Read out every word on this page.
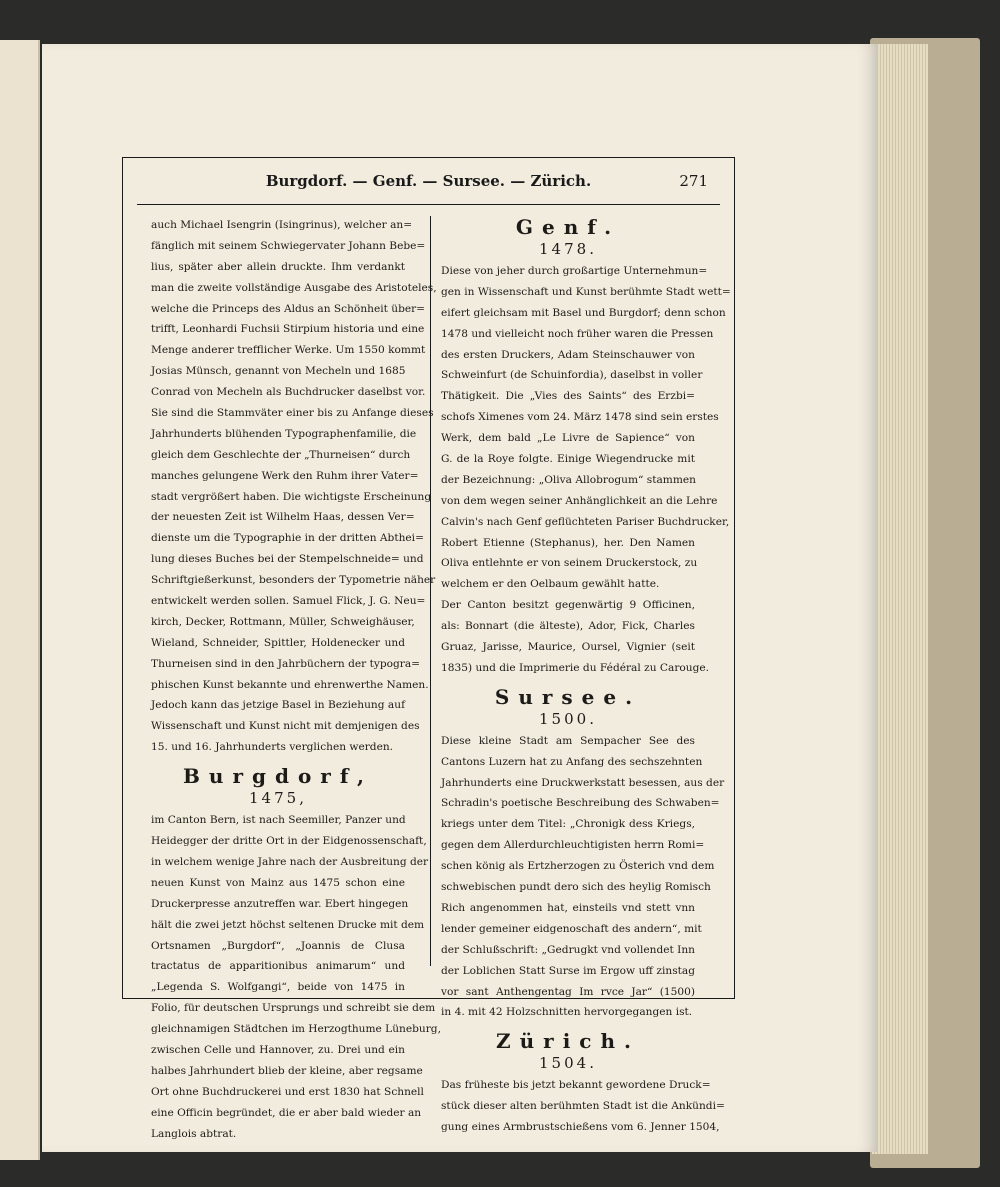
Burgdorf. — Genf. — Sursee. — Zürich.	271
auch Michael Isengrin (Isingrinus), welcher an=
fänglich mit seinem Schwiegervater Johann Bebe=
lius, später aber allein druckte. Ihm verdankt
man die zweite vollständige Ausgabe des Aristoteles,
welche die Princeps des Aldus an Schönheit über=
trifft, Leonhardi Fuchsii Stirpium historia und eine
Menge anderer trefflicher Werke. Um 1550 kommt
Josias Münsch, genannt von Mecheln und 1685
Conrad von Mecheln als Buchdrucker daselbst vor.
Sie sind die Stammväter einer bis zu Anfange dieses
Jahrhunderts blühenden Typographenfamilie, die
gleich dem Geschlechte der „Thurneisen“ durch
manches gelungene Werk den Ruhm ihrer Vater=
stadt vergrößert haben. Die wichtigste Erscheinung
der neuesten Zeit ist Wilhelm Haas, dessen Ver=
dienste um die Typographie in der dritten Abthei=
lung dieses Buches bei der Stempelschneide= und
Schriftgießerkunst, besonders der Typometrie näher
entwickelt werden sollen. Samuel Flick, J. G. Neu=
kirch, Decker, Rottmann, Müller, Schweighäuser,
Wieland, Schneider, Spittler, Holdenecker und
Thurneisen sind in den Jahrbüchern der typogra=
phischen Kunst bekannte und ehrenwerthe Namen.
Jedoch kann das jetzige Basel in Beziehung auf
Wissenschaft und Kunst nicht mit demjenigen des
15. und 16. Jahrhunderts verglichen werden.
Burgdorf,
1475,
im Canton Bern, ist nach Seemiller, Panzer und
Heidegger der dritte Ort in der Eidgenossenschaft,
in welchem wenige Jahre nach der Ausbreitung der
neuen Kunst von Mainz aus 1475 schon eine
Druckerpresse anzutreffen war. Ebert hingegen
hält die zwei jetzt höchst seltenen Drucke mit dem
Ortsnamen „Burgdorf“, „Joannis de Clusa
tractatus de apparitionibus animarum“ und
„Legenda S. Wolfgangi“, beide von 1475 in
Folio, für deutschen Ursprungs und schreibt sie dem
gleichnamigen Städtchen im Herzogthume Lüneburg,
zwischen Celle und Hannover, zu. Drei und ein
halbes Jahrhundert blieb der kleine, aber regsame
Ort ohne Buchdruckerei und erst 1830 hat Schnell
eine Officin begründet, die er aber bald wieder an
Langlois abtrat.
Genf.
1478.
Diese von jeher durch großartige Unternehmun=
gen in Wissenschaft und Kunst berühmte Stadt wett=
eifert gleichsam mit Basel und Burgdorf; denn schon
1478 und vielleicht noch früher waren die Pressen
des ersten Druckers, Adam Steinschauwer von
Schweinfurt (de Schuinfordia), daselbst in voller
Thätigkeit. Die „Vies des Saints“ des Erzbi=
schofs Ximenes vom 24. März 1478 sind sein erstes
Werk, dem bald „Le Livre de Sapience“ von
G. de la Roye folgte. Einige Wiegendrucke mit
der Bezeichnung: „Oliva Allobrogum“ stammen
von dem wegen seiner Anhänglichkeit an die Lehre
Calvin's nach Genf geflüchteten Pariser Buchdrucker,
Robert Etienne (Stephanus), her. Den Namen
Oliva entlehnte er von seinem Druckerstock, zu
welchem er den Oelbaum gewählt hatte.
Der Canton besitzt gegenwärtig 9 Officinen,
als: Bonnart (die älteste), Ador, Fick, Charles
Gruaz, Jarisse, Maurice, Oursel, Vignier (seit
1835) und die Imprimerie du Fédéral zu Carouge.
Sursee.
1500.
Diese kleine Stadt am Sempacher See des
Cantons Luzern hat zu Anfang des sechszehnten
Jahrhunderts eine Druckwerkstatt besessen, aus der
Schradin's poetische Beschreibung des Schwaben=
kriegs unter dem Titel: „Chronigk dess Kriegs,
gegen dem Allerdurchleuchtigisten herrn Romi=
schen könig als Ertzherzogen zu Österich vnd dem
schwebischen pundt dero sich des heylig Romisch
Rich angenommen hat, einsteils vnd stett vnn
lender gemeiner eidgenoschaft des andern“, mit
der Schlußschrift: „Gedrugkt vnd vollendet Inn
der Loblichen Statt Surse im Ergow uff zinstag
vor sant Anthengentag Im rvce Jar“ (1500)
in 4. mit 42 Holzschnitten hervorgegangen ist.
Zürich.
1504.
Das früheste bis jetzt bekannt gewordene Druck=
stück dieser alten berühmten Stadt ist die Ankündi=
gung eines Armbrustschießens vom 6. Jenner 1504,
